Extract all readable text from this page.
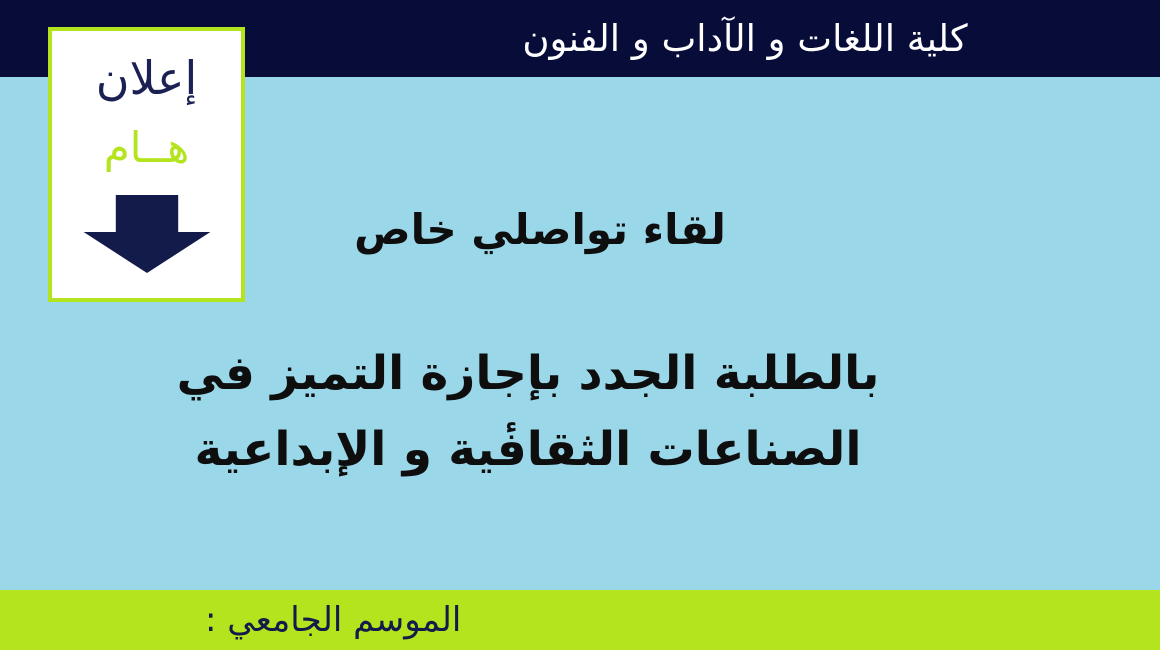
كلية اللغات و الآداب و الفنون
إعلان
هــام
لقاء تواصلي خاص
بالطلبة الجدد بإجازة التميز في
الصناعات الثقافٔية و الإبداعية
الموسم الجامعي :
